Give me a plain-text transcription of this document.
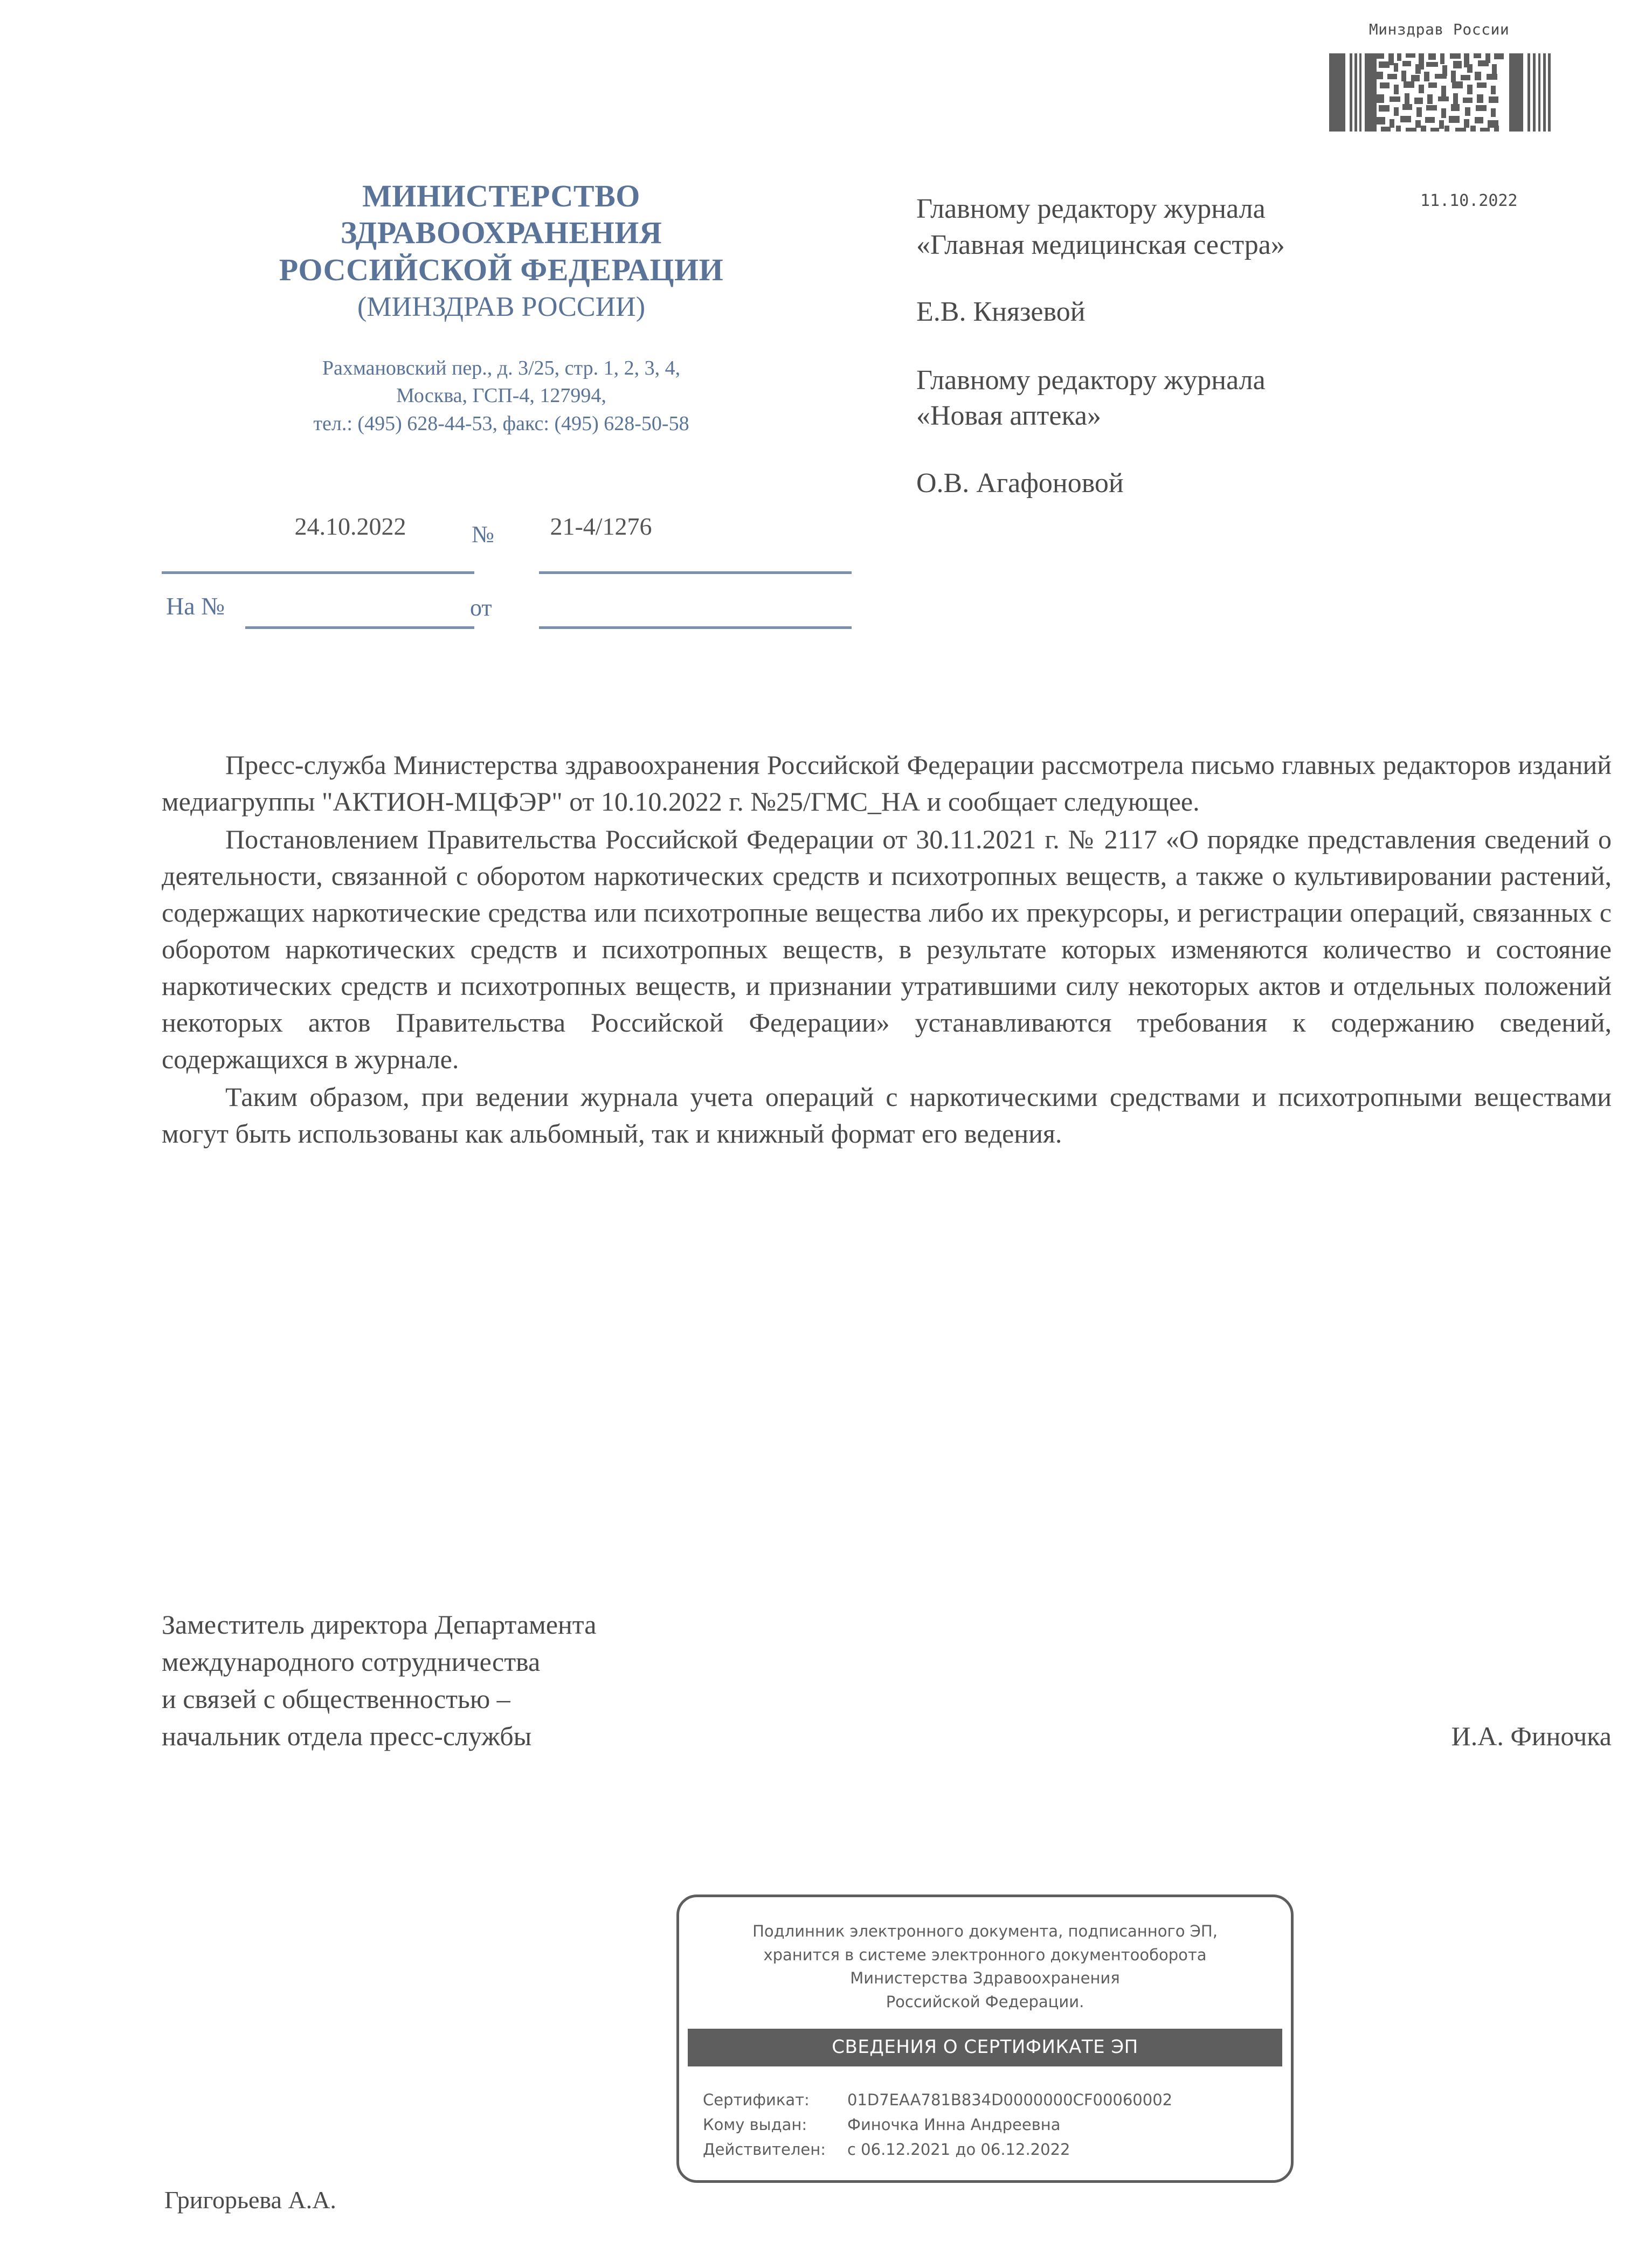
Минздрав России
МИНИСТЕРСТВО
ЗДРАВООХРАНЕНИЯ
РОССИЙСКОЙ ФЕДЕРАЦИИ
(МИНЗДРАВ РОССИИ)
Рахмановский пер., д. 3/25, стр. 1, 2, 3, 4,
Москва, ГСП-4, 127994,
тел.: (495) 628-44-53, факс: (495) 628-50-58
24.10.2022	№	21-4/1276
На №	от
Главному редактору журнала
«Главная медицинская сестра»
Е.В. Князевой
Главному редактору журнала
«Новая аптека»
О.В. Агафоновой
11.10.2022

Пресс-служба Министерства здравоохранения Российской Федерации рассмотрела письмо главных редакторов изданий медиагруппы "АКТИОН-МЦФЭР" от 10.10.2022 г. №25/ГМС_НА и сообщает следующее.

Постановлением Правительства Российской Федерации от 30.11.2021 г. № 2117 «О порядке представления сведений о деятельности, связанной с оборотом наркотических средств и психотропных веществ, а также о культивировании растений, содержащих наркотические средства или психотропные вещества либо их прекурсоры, и регистрации операций, связанных с оборотом наркотических средств и психотропных веществ, в результате которых изменяются количество и состояние наркотических средств и психотропных веществ, и признании утратившими силу некоторых актов и отдельных положений некоторых актов Правительства Российской Федерации» устанавливаются требования к содержанию сведений, содержащихся в журнале.

Таким образом, при ведении журнала учета операций с наркотическими средствами и психотропными веществами могут быть использованы как альбомный, так и книжный формат его ведения.

Заместитель директора Департамента
международного сотрудничества
и связей с общественностью –
начальник отдела пресс-службы	И.А. Финочка
Подлинник электронного документа, подписанного ЭП,
хранится в системе электронного документооборота
Министерства Здравоохранения
Российской Федерации.
СВЕДЕНИЯ О СЕРТИФИКАТЕ ЭП
Сертификат:	01D7EAA781B834D0000000CF00060002
Кому выдан:	Финочка Инна Андреевна
Действителен:	с 06.12.2021 до 06.12.2022
Григорьева А.А.
